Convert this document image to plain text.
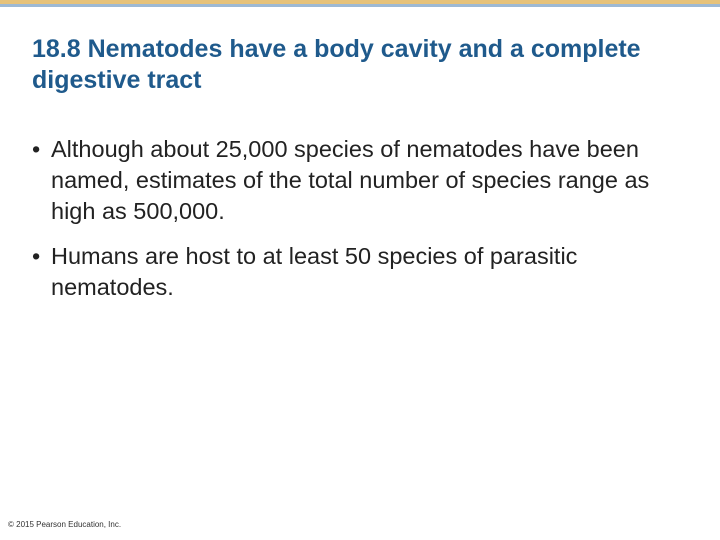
18.8 Nematodes have a body cavity and a complete digestive tract
• Although about 25,000 species of nematodes have been named, estimates of the total number of species range as high as 500,000.
• Humans are host to at least 50 species of parasitic nematodes.
© 2015 Pearson Education, Inc.
